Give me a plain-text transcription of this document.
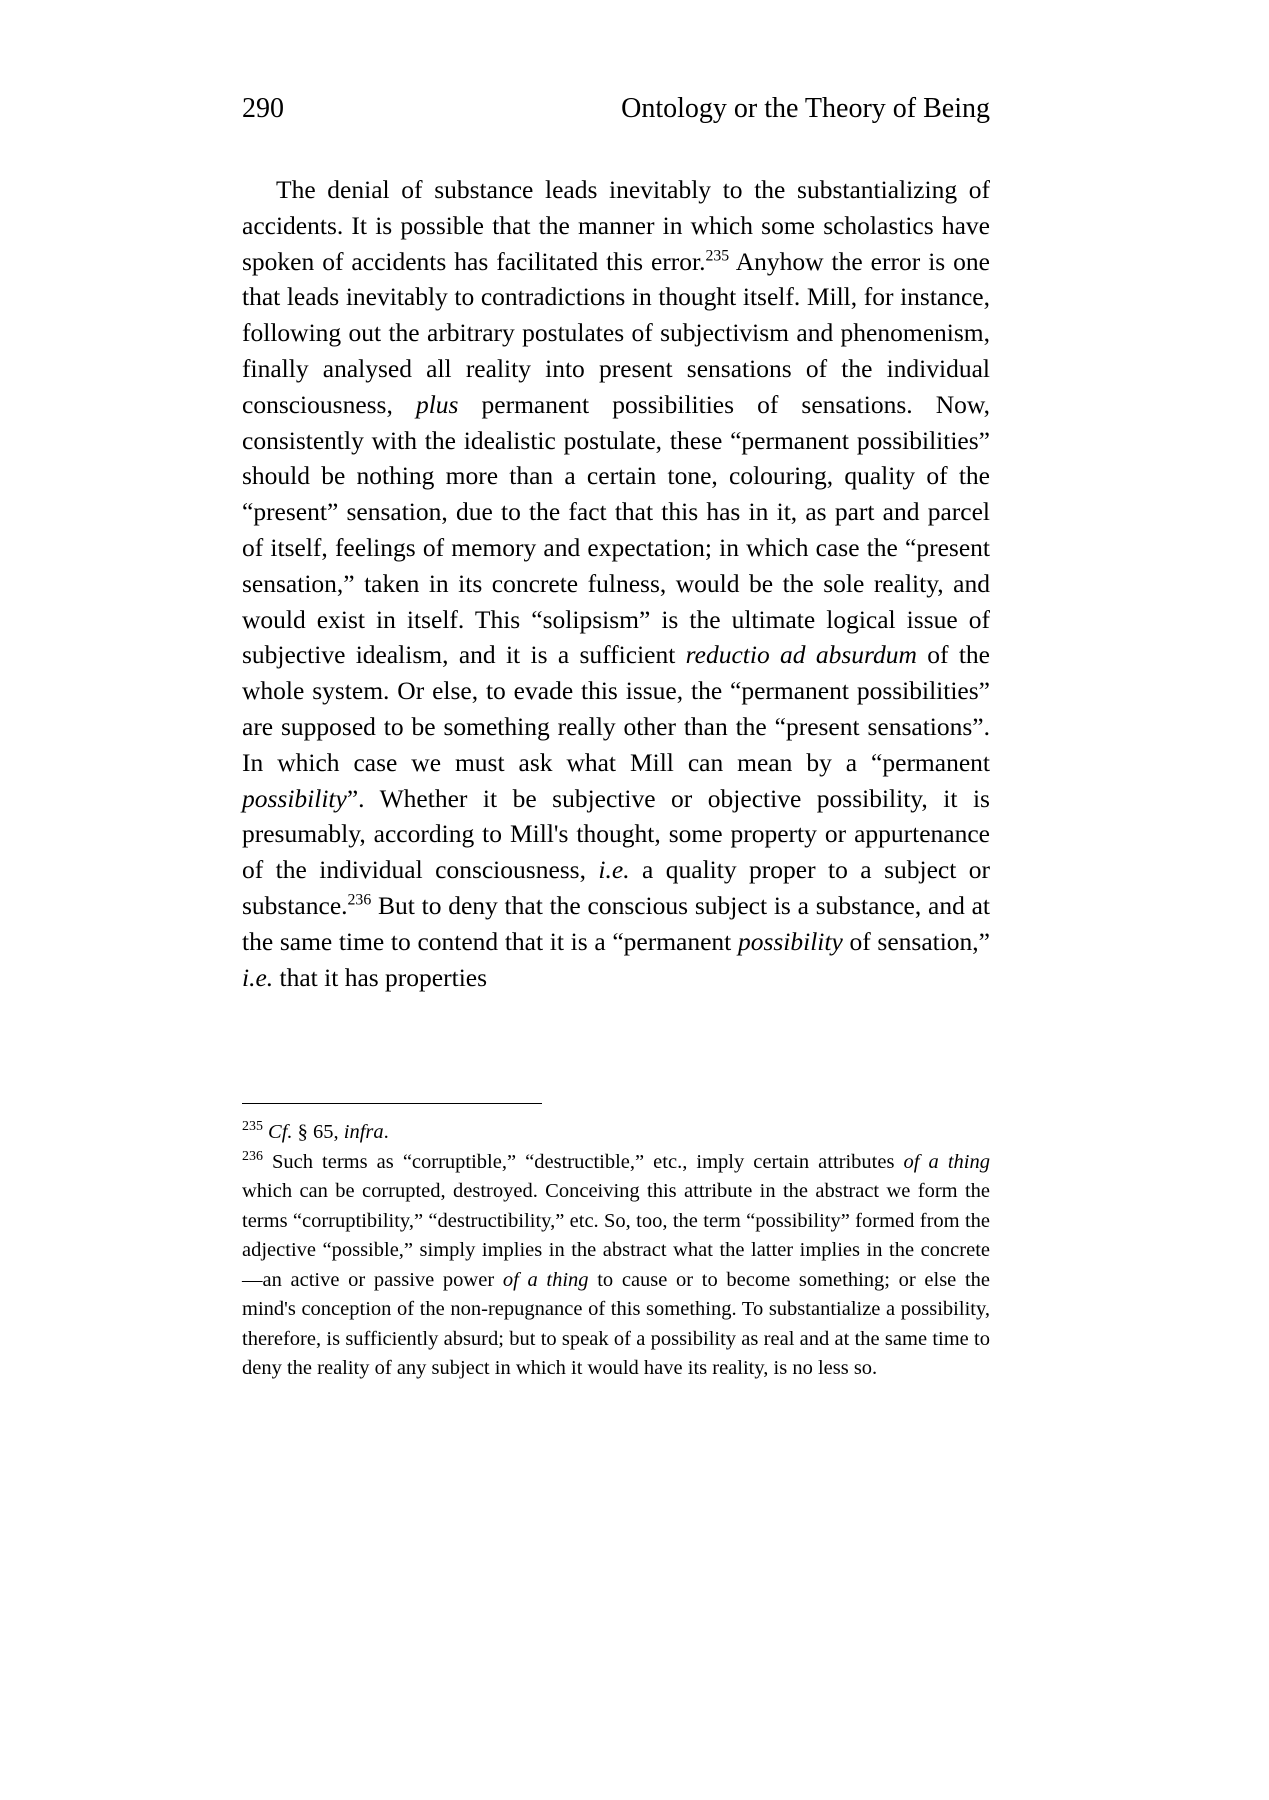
290	Ontology or the Theory of Being

The denial of substance leads inevitably to the substantializing of accidents. It is possible that the manner in which some scholastics have spoken of accidents has facilitated this error.$^{235}$ Anyhow the error is one that leads inevitably to contradictions in thought itself. Mill, for instance, following out the arbitrary postulates of subjectivism and phenomenism, finally analysed all reality into present sensations of the individual consciousness, plus permanent possibilities of sensations. Now, consistently with the idealistic postulate, these “permanent possibilities” should be nothing more than a certain tone, colouring, quality of the “present” sensation, due to the fact that this has in it, as part and parcel of itself, feelings of memory and expectation; in which case the “present sensation,” taken in its concrete fulness, would be the sole reality, and would exist in itself. This “solipsism” is the ultimate logical issue of subjective idealism, and it is a sufficient reductio ad absurdum of the whole system. Or else, to evade this issue, the “permanent possibilities” are supposed to be something really other than the “present sensations”. In which case we must ask what Mill can mean by a “permanent possibility”. Whether it be subjective or objective possibility, it is presumably, according to Mill's thought, some property or appurtenance of the individual consciousness, i.e. a quality proper to a subject or substance.$^{236}$ But to deny that the conscious subject is a substance, and at the same time to contend that it is a “permanent possibility of sensation,” i.e. that it has properties

$^{235}$ Cf. § 65, infra.

$^{236}$ Such terms as “corruptible,” “destructible,” etc., imply certain attributes of a thing which can be corrupted, destroyed. Conceiving this attribute in the abstract we form the terms “corruptibility,” “destructibility,” etc. So, too, the term “possibility” formed from the adjective “possible,” simply implies in the abstract what the latter implies in the concrete—an active or passive power of a thing to cause or to become something; or else the mind's conception of the non-repugnance of this something. To substantialize a possibility, therefore, is sufficiently absurd; but to speak of a possibility as real and at the same time to deny the reality of any subject in which it would have its reality, is no less so.
